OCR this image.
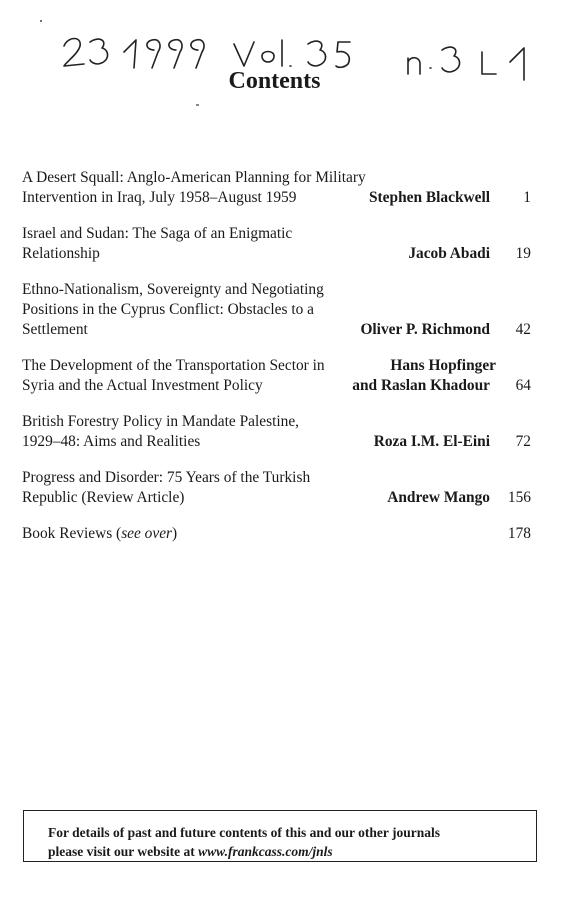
Contents
A Desert Squall: Anglo-American Planning for Military
Intervention in Iraq, July 1958–August 1959	Stephen Blackwell	1
Israel and Sudan: The Saga of an Enigmatic
Relationship	Jacob Abadi	19
Ethno-Nationalism, Sovereignty and Negotiating
Positions in the Cyprus Conflict: Obstacles to a
Settlement	Oliver P. Richmond	42
The Development of the Transportation Sector in	Hans Hopfinger
Syria and the Actual Investment Policy	and Raslan Khadour	64
British Forestry Policy in Mandate Palestine,
1929–48: Aims and Realities	Roza I.M. El-Eini	72
Progress and Disorder: 75 Years of the Turkish
Republic (Review Article)	Andrew Mango	156
Book Reviews (see over)	178
For details of past and future contents of this and our other journals
please visit our website at www.frankcass.com/jnls
